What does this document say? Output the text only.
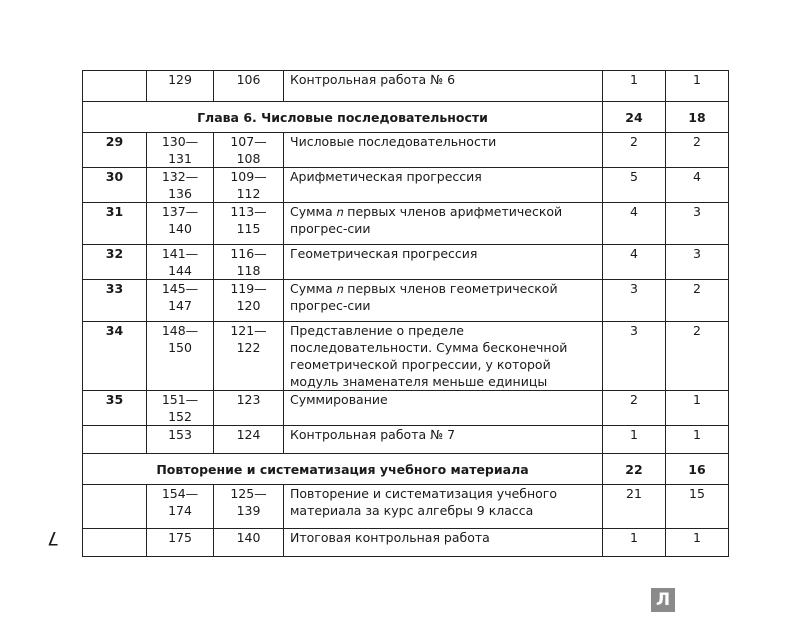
	129	106	Контрольная работа № 6	1	1
Глава 6. Числовые последовательности				24	18
29	130—131	107—108	Числовые последовательности	2	2
30	132—136	109—112	Арифметическая прогрессия	5	4
31	137—140	113—115	Сумма 𝑛 первых членов арифметической прогрес-сии	4	3
32	141—144	116—118	Геометрическая прогрессия	4	3
33	145—147	119—120	Сумма 𝑛 первых членов геометрической прогрес-сии	3	2
34	148—150	121—122	Представление о пределе последовательности. Сумма бесконечной геометрической прогрессии, у которой модуль знаменателя меньше единицы	3	2
35	151—152	123	Суммирование	2	1
	153	124	Контрольная работа № 7	1	1
Повторение и систематизация учебного материала				22	16
	154—174	125—139	Повторение и систематизация учебного материала за курс алгебры 9 класса	21	15
	175	140	Итоговая контрольная работа	1	1
7
Л
